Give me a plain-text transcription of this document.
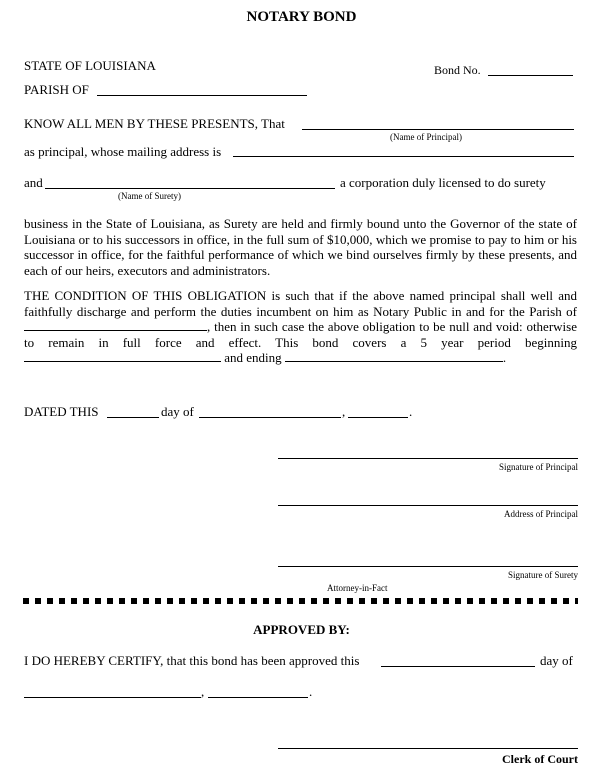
NOTARY BOND
STATE OF LOUISIANA	Bond No.
PARISH OF
KNOW ALL MEN BY THESE PRESENTS, That
(Name of Principal)
as principal, whose mailing address is
and
(Name of Surety)
a corporation duly licensed to do surety
business in the State of Louisiana, as Surety are held and firmly bound unto the Governor of the state of Louisiana or to his successors in office, in the full sum of $10,000, which we promise to pay to him or his successor in office, for the faithful performance of which we bind ourselves firmly by these presents, and each of our heirs, executors and administrators.
THE CONDITION OF THIS OBLIGATION is such that if the above named principal shall well and faithfully discharge and perform the duties incumbent on him as Notary Public in and for the Parish of , then in such case the above obligation to be null and void: otherwise to remain in full force and effect. This bond covers a 5 year period beginning  and ending	.
DATED THIS	day of	,	.
Signature of Principal
Address of Principal
Signature of Surety
Attorney-in-Fact
APPROVED BY:
I DO HEREBY CERTIFY, that this bond has been approved this	day of
,	.
Clerk of Court
